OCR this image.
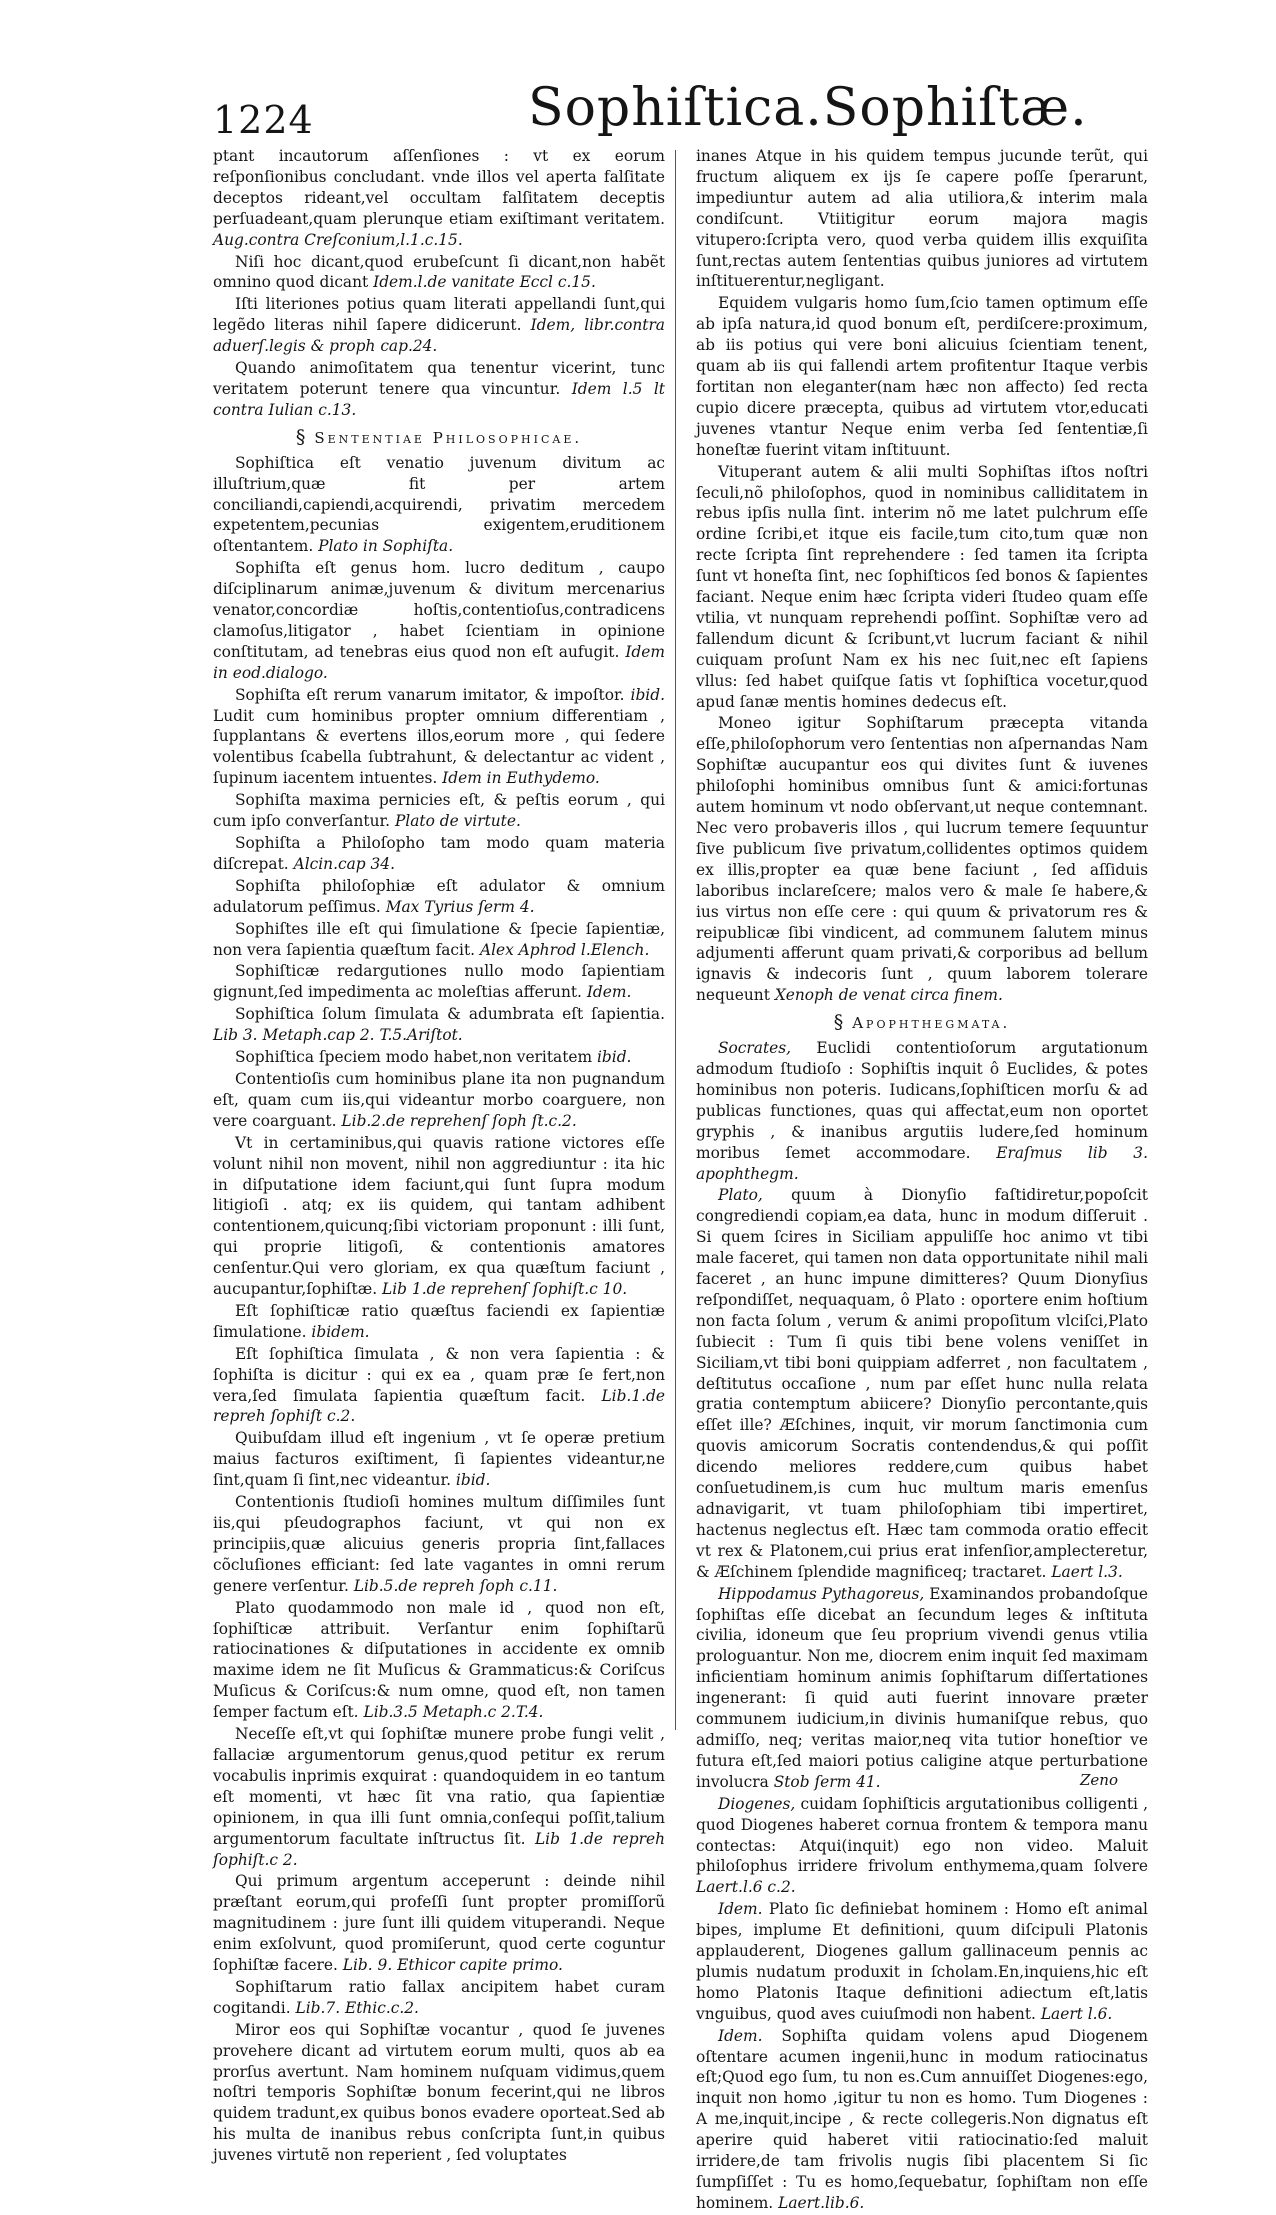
1224	Sophiſtica.Sophiſtæ.

ptant incautorum aſſenſiones : vt ex eorum reſponſionibus concludant. vnde illos vel aperta falſitate deceptos rideant,vel occultam falſitatem deceptis perſuadeant,quam plerunque etiam exiſtimant veritatem. Aug.contra Creſconium,l.1.c.15.

Niſi hoc dicant,quod erubeſcunt ſi dicant,non habẽt omnino quod dicant Idem.l.de vanitate Eccl c.15.

Iſti literiones potius quam literati appellandi ſunt,qui legẽdo literas nihil ſapere didicerunt. Idem, libr.contra aduerſ.legis & proph cap.24.

Quando animoſitatem qua tenentur vicerint, tunc veritatem poterunt tenere qua vincuntur. Idem l.5 lt contra Iulian c.13.

§ Sententiae Philosophicae.

Sophiſtica eſt venatio juvenum divitum ac illuſtrium,quæ fit per artem conciliandi,capiendi,acquirendi, privatim mercedem expetentem,pecunias exigentem,eruditionem oſtentantem. Plato in Sophiſta.

Sophiſta eſt genus hom. lucro deditum , caupo diſciplinarum animæ,juvenum & divitum mercenarius venator,concordiæ hoſtis,contentioſus,contradicens clamoſus,litigator , habet ſcientiam in opinione conſtitutam, ad tenebras eius quod non eſt aufugit. Idem in eod.dialogo.

Sophiſta eſt rerum vanarum imitator, & impoſtor. ibid. Ludit cum hominibus propter omnium differentiam , ſupplantans & evertens illos,eorum more , qui ſedere volentibus ſcabella ſubtrahunt, & delectantur ac vident , ſupinum iacentem intuentes. Idem in Euthydemo.

Sophiſta maxima pernicies eſt, & peſtis eorum , qui cum ipſo converſantur. Plato de virtute.

Sophiſta a Philoſopho tam modo quam materia diſcrepat. Alcin.cap 34.

Sophiſta philoſophiæ eſt adulator & omnium adulatorum peſſimus. Max Tyrius ſerm 4.

Sophiſtes ille eſt qui ſimulatione & ſpecie ſapientiæ, non vera ſapientia quæſtum facit. Alex Aphrod l.Elench.

Sophiſticæ redargutiones nullo modo ſapientiam gignunt,ſed impedimenta ac moleſtias afferunt. Idem.

Sophiſtica ſolum ſimulata & adumbrata eſt ſapientia. Lib 3. Metaph.cap 2. T.5.Ariſtot.

Sophiſtica ſpeciem modo habet,non veritatem ibid.

Contentioſis cum hominibus plane ita non pugnandum eſt, quam cum iis,qui videantur morbo coarguere, non vere coarguant. Lib.2.de reprehenſ ſoph ſt.c.2.

Vt in certaminibus,qui quavis ratione victores eſſe volunt nihil non movent, nihil non aggrediuntur : ita hic in diſputatione idem faciunt,qui ſunt ſupra modum litigioſi . atq; ex iis quidem, qui tantam adhibent contentionem,quicunq;ſibi victoriam proponunt : illi ſunt, qui proprie litigoſi, & contentionis amatores cenſentur.Qui vero gloriam, ex qua quæſtum faciunt , aucupantur,ſophiſtæ. Lib 1.de reprehenſ ſophiſt.c 10.

Eſt ſophiſticæ ratio quæſtus faciendi ex ſapientiæ ſimulatione. ibidem.

Eſt ſophiſtica ſimulata , & non vera ſapientia : & ſophiſta is dicitur : qui ex ea , quam præ ſe fert,non vera,ſed ſimulata ſapientia quæſtum facit. Lib.1.de repreh ſophiſt c.2.

Quibuſdam illud eſt ingenium , vt ſe operæ pretium maius facturos exiſtiment, ſi ſapientes videantur,ne ſint,quam ſi ſint,nec videantur. ibid.

Contentionis ſtudioſi homines multum diſſimiles ſunt iis,qui pſeudographos faciunt, vt qui non ex principiis,quæ alicuius generis propria ſint,fallaces cõcluſiones efficiant: ſed late vagantes in omni rerum genere verſentur. Lib.5.de repreh ſoph c.11.

Plato quodammodo non male id , quod non eſt, ſophiſticæ attribuit. Verſantur enim ſophiſtarũ ratiocinationes & diſputationes in accidente ex omnib maxime idem ne ſit Muſicus & Grammaticus:& Coriſcus Muſicus & Coriſcus:& num omne, quod eſt, non tamen ſemper factum eſt. Lib.3.5 Metaph.c 2.T.4.

Neceſſe eſt,vt qui ſophiſtæ munere probe fungi velit , fallaciæ argumentorum genus,quod petitur ex rerum vocabulis inprimis exquirat : quandoquidem in eo tantum eſt momenti, vt hæc ſit vna ratio, qua ſapientiæ opinionem, in qua illi ſunt omnia,conſequi poſſit,talium argumentorum facultate inſtructus ſit. Lib 1.de repreh ſophiſt.c 2.

Qui primum argentum acceperunt : deinde nihil præſtant eorum,qui profeſſi ſunt propter promiſſorũ magnitudinem : jure ſunt illi quidem vituperandi. Neque enim exſolvunt, quod promiſerunt, quod certe coguntur ſophiſtæ facere. Lib. 9. Ethicor capite primo.

Sophiſtarum ratio fallax ancipitem habet curam cogitandi. Lib.7. Ethic.c.2.

Miror eos qui Sophiſtæ vocantur , quod ſe juvenes provehere dicant ad virtutem eorum multi, quos ab ea prorſus avertunt. Nam hominem nuſquam vidimus,quem noſtri temporis Sophiſtæ bonum fecerint,qui ne libros quidem tradunt,ex quibus bonos evadere oporteat.Sed ab his multa de inanibus rebus conſcripta ſunt,in quibus juvenes virtutẽ non reperient , ſed voluptates

inanes Atque in his quidem tempus jucunde terũt, qui fructum aliquem ex ijs ſe capere poſſe ſperarunt, impediuntur autem ad alia utiliora,& interim mala condiſcunt. Vtiitigitur eorum majora magis vitupero:ſcripta vero, quod verba quidem illis exquiſita ſunt,rectas autem ſententias quibus juniores ad virtutem inſtituerentur,negligant.

Equidem vulgaris homo ſum,ſcio tamen optimum eſſe ab ipſa natura,id quod bonum eſt, perdiſcere:proximum, ab iis potius qui vere boni alicuius ſcientiam tenent, quam ab iis qui fallendi artem profitentur Itaque verbis fortitan non eleganter(nam hæc non affecto) ſed recta cupio dicere præcepta, quibus ad virtutem vtor,educati juvenes vtantur Neque enim verba ſed ſententiæ,ſi honeſtæ fuerint vitam inſtituunt.

Vituperant autem & alii multi Sophiſtas iſtos noſtri ſeculi,nõ philoſophos, quod in nominibus calliditatem in rebus ipſis nulla ſint. interim nõ me latet pulchrum eſſe ordine ſcribi,et itque eis facile,tum cito,tum quæ non recte ſcripta ſint reprehendere : ſed tamen ita ſcripta ſunt vt honeſta ſint, nec ſophiſticos ſed bonos & ſapientes faciant. Neque enim hæc ſcripta videri ſtudeo quam eſſe vtilia, vt nunquam reprehendi poſſint. Sophiſtæ vero ad fallendum dicunt & ſcribunt,vt lucrum faciant & nihil cuiquam proſunt Nam ex his nec ſuit,nec eſt ſapiens vllus: ſed habet quiſque ſatis vt ſophiſtica vocetur,quod apud ſanæ mentis homines dedecus eſt.

Moneo igitur Sophiſtarum præcepta vitanda eſſe,philoſophorum vero ſententias non aſpernandas Nam Sophiſtæ aucupantur eos qui divites ſunt & iuvenes philoſophi hominibus omnibus ſunt & amici:fortunas autem hominum vt nodo obſervant,ut neque contemnant. Nec vero probaveris illos , qui lucrum temere ſequuntur ſive publicum ſive privatum,collidentes optimos quidem ex illis,propter ea quæ bene faciunt , ſed aſſiduis laboribus inclareſcere; malos vero & male ſe habere,& ius virtus non eſſe cere : qui quum & privatorum res & reipublicæ ſibi vindicent, ad communem ſalutem minus adjumenti afferunt quam privati,& corporibus ad bellum ignavis & indecoris ſunt , quum laborem tolerare nequeunt Xenoph de venat circa finem.

§ Apophthegmata.

Socrates, Euclidi contentioſorum argutationum admodum ſtudioſo : Sophiſtis inquit ô Euclides, & potes hominibus non poteris. Iudicans,ſophiſticen morſu & ad publicas functiones, quas qui affectat,eum non oportet gryphis , & inanibus argutiis ludere,ſed hominum moribus ſemet accommodare. Eraſmus lib 3. apophthegm.

Plato, quum à Dionyſio faſtidiretur,popoſcit congrediendi copiam,ea data, hunc in modum diſſeruit . Si quem ſcires in Siciliam appuliſſe hoc animo vt tibi male faceret, qui tamen non data opportunitate nihil mali faceret , an hunc impune dimitteres? Quum Dionyſius reſpondiſſet, nequaquam, ô Plato : oportere enim hoſtium non facta ſolum , verum & animi propoſitum vlciſci,Plato ſubiecit : Tum ſi quis tibi bene volens veniſſet in Siciliam,vt tibi boni quippiam adferret , non facultatem , deſtitutus occaſione , num par eſſet hunc nulla relata gratia contemptum abiicere? Dionyſio percontante,quis eſſet ille? Æſchines, inquit, vir morum ſanctimonia cum quovis amicorum Socratis contendendus,& qui poſſit dicendo meliores reddere,cum quibus habet conſuetudinem,is cum huc multum maris emenſus adnavigarit, vt tuam philoſophiam tibi impertiret, hactenus neglectus eſt. Hæc tam commoda oratio effecit vt rex & Platonem,cui prius erat infenſior,amplecteretur, & Æſchinem ſplendide magnificeq; tractaret. Laert l.3.

Hippodamus Pythagoreus, Examinandos probandoſque ſophiſtas eſſe dicebat an ſecundum leges & inſtituta civilia, idoneum que ſeu proprium vivendi genus vtilia prologuantur. Non me, diocrem enim inquit ſed maximam inficientiam hominum animis ſophiſtarum diſſertationes ingenerant: ſi quid auti fuerint innovare præter communem iudicium,in divinis humaniſque rebus, quo admiſſo, neq; veritas maior,neq vita tutior honeſtior ve futura eſt,ſed maiori potius caligine atque perturbatione involucra Stob ſerm 41.

Diogenes, cuidam ſophiſticis argutationibus colligenti , quod Diogenes haberet cornua frontem & tempora manu contectas: Atqui(inquit) ego non video. Maluit philoſophus irridere frivolum enthymema,quam ſolvere Laert.l.6 c.2.

Idem. Plato ſic definiebat hominem : Homo eſt animal bipes, implume Et definitioni, quum diſcipuli Platonis applauderent, Diogenes gallum gallinaceum pennis ac plumis nudatum produxit in ſcholam.En,inquiens,hic eſt homo Platonis Itaque definitioni adiectum eſt,latis vnguibus, quod aves cuiuſmodi non habent. Laert l.6.

Idem. Sophiſta quidam volens apud Diogenem oſtentare acumen ingenii,hunc in modum ratiocinatus eſt;Quod ego ſum, tu non es.Cum annuiſſet Diogenes:ego, inquit non homo ,igitur tu non es homo. Tum Diogenes : A me,inquit,incipe , & recte collegeris.Non dignatus eſt aperire quid haberet vitii ratiocinatio:ſed maluit irridere,de tam frivolis nugis ſibi placentem Si ſic ſumpſiſſet : Tu es homo,ſequebatur, ſophiſtam non eſſe hominem. Laert.lib.6.

Zeno
